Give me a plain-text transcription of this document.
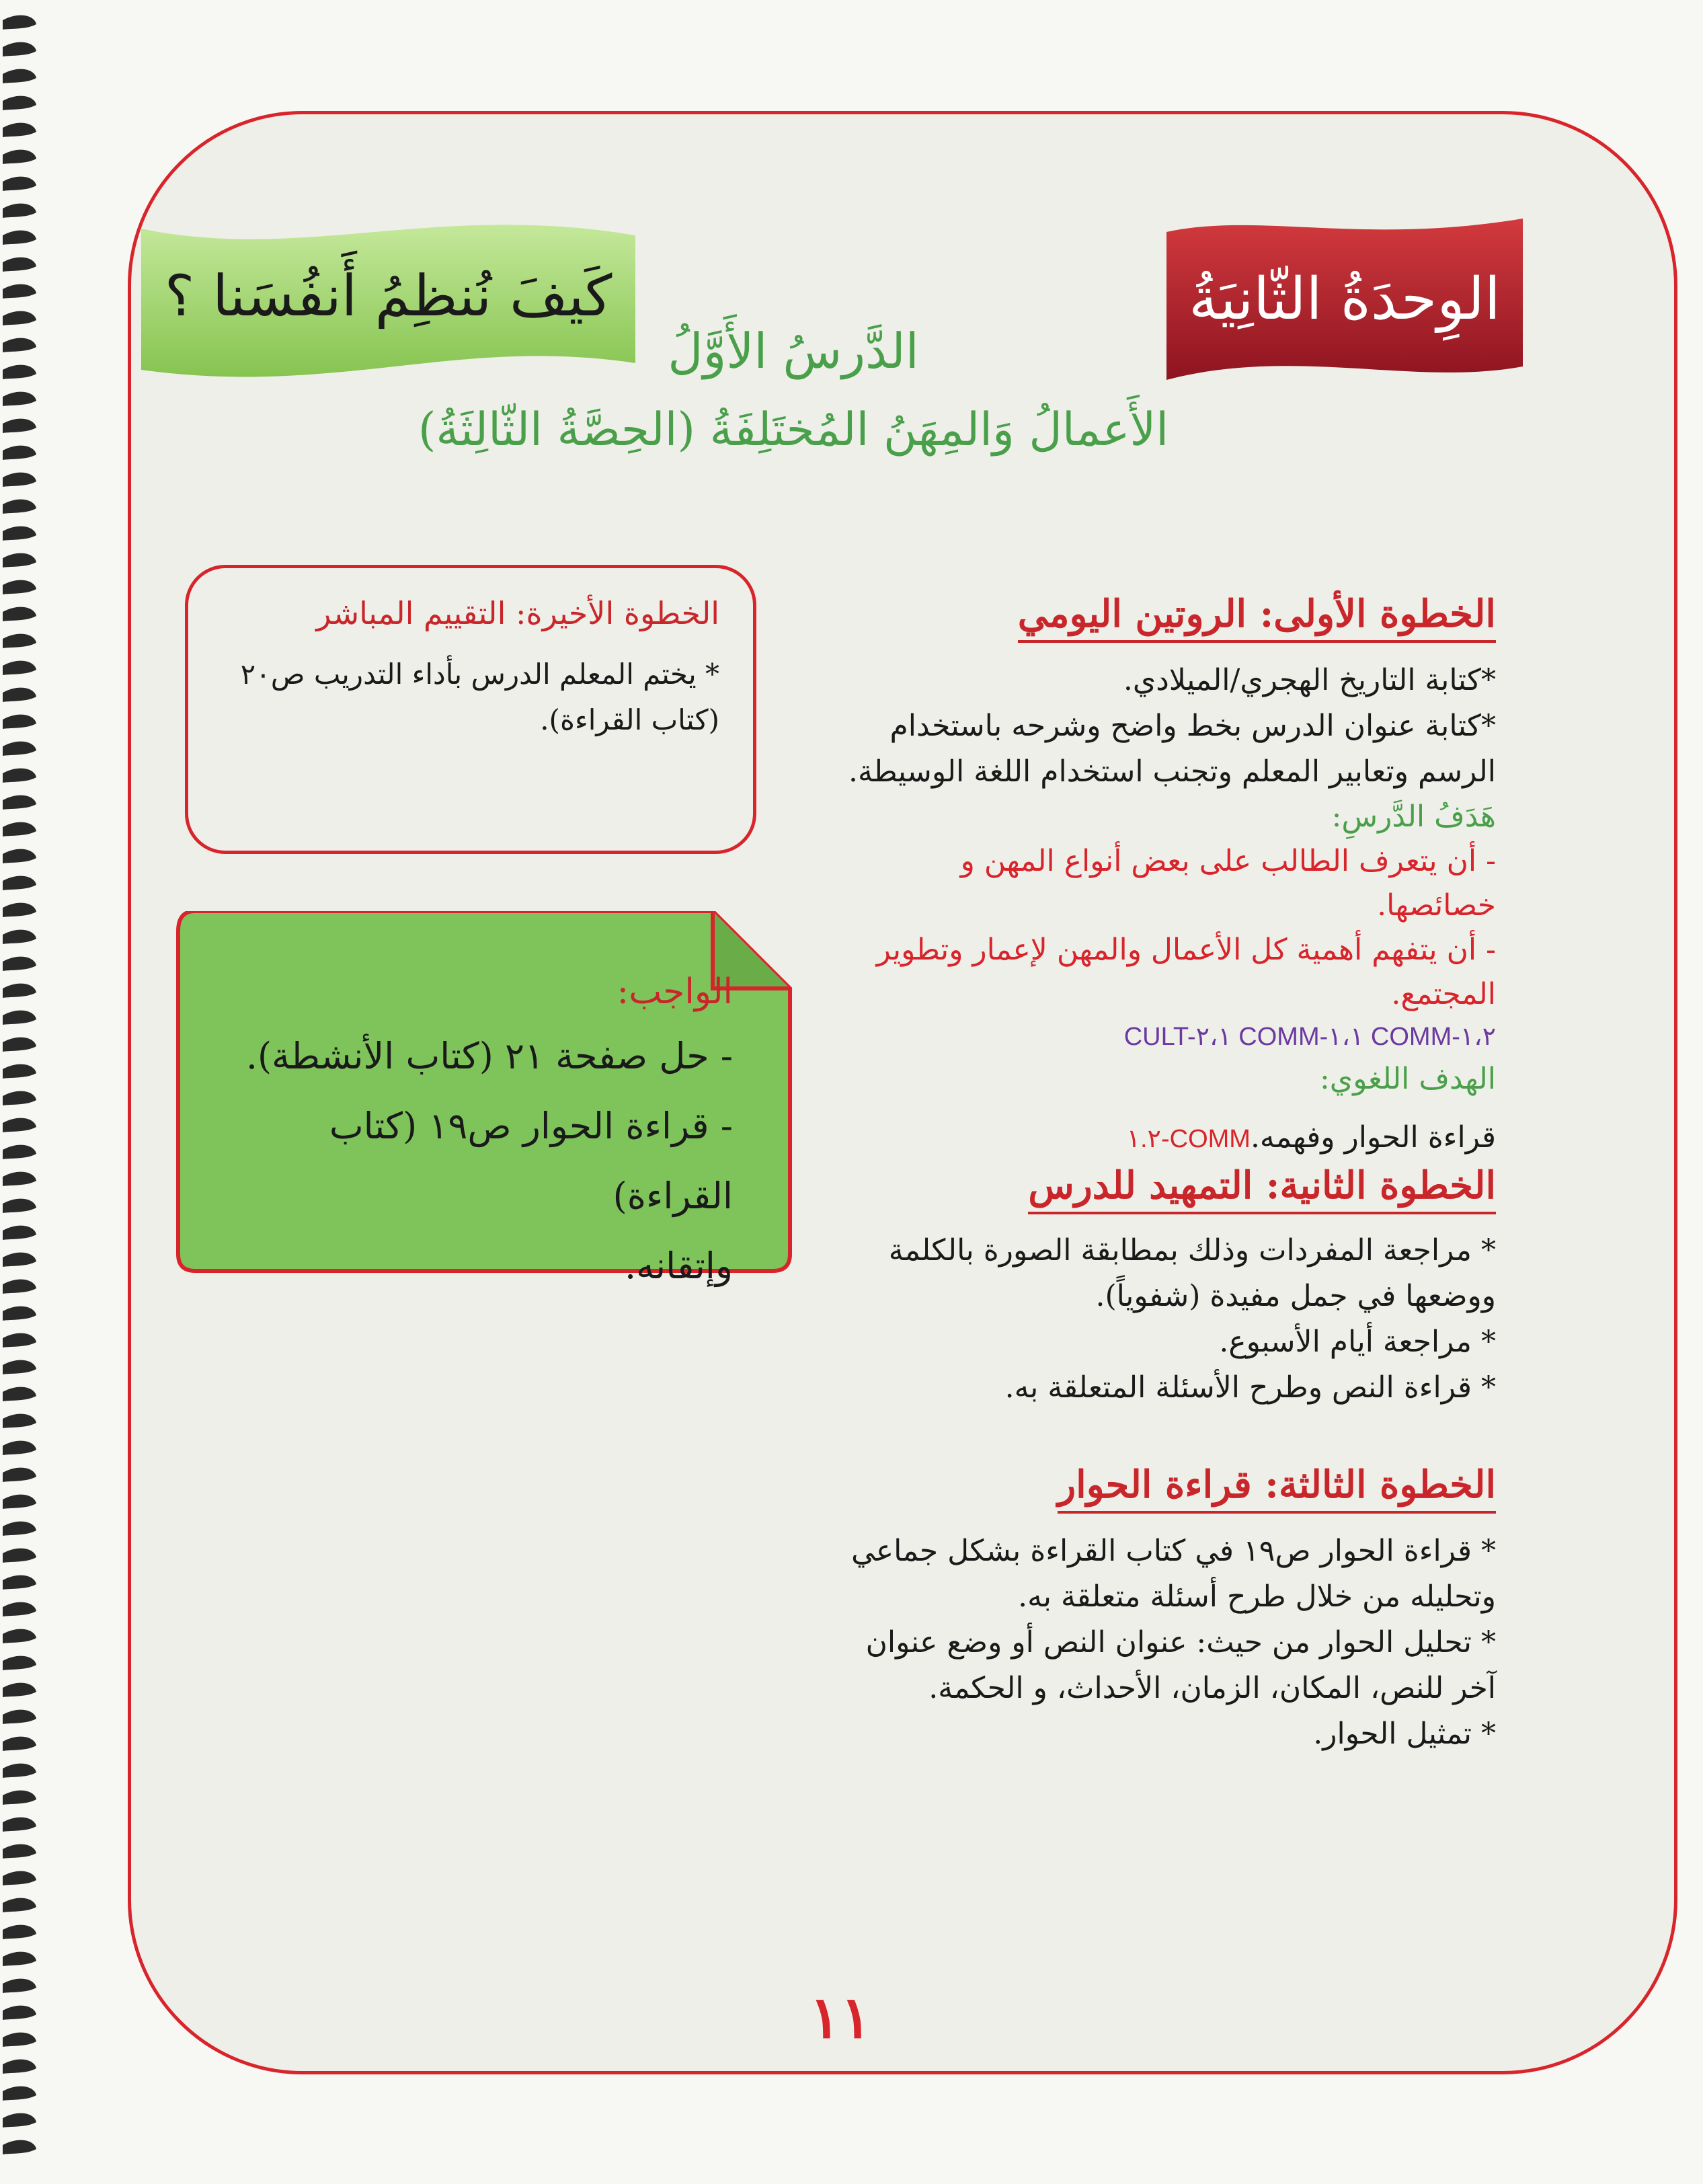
الوِحدَةُ الثّانِيَةُ
كَيفَ نُنظِمُ أَنفُسَنا ؟
الدَّرسُ الأَوَّلُ
الأَعمالُ وَالمِهَنُ المُختَلِفَةُ (الحِصَّةُ الثّالِثَةُ)
الخطوة الأولى: الروتين اليومي
*كتابة التاريخ الهجري/الميلادي.
*كتابة عنوان الدرس بخط واضح وشرحه باستخدام
الرسم وتعابير المعلم وتجنب استخدام اللغة الوسيطة.
هَدَفُ الدَّرسِ:
- أن يتعرف الطالب على بعض أنواع المهن و خصائصها.
- أن يتفهم أهمية كل الأعمال والمهن لإعمار وتطوير المجتمع.
CULT-٢،١ COMM-١،١ COMM-١،٢
الهدف اللغوي:
قراءة الحوار وفهمه.COMM-١.٢
الخطوة الثانية: التمهيد للدرس
* مراجعة المفردات وذلك بمطابقة الصورة بالكلمة
ووضعها في جمل مفيدة (شفوياً).
* مراجعة أيام الأسبوع.
* قراءة النص وطرح الأسئلة المتعلقة به.
الخطوة الثالثة: قراءة الحوار
* قراءة الحوار ص١٩ في كتاب القراءة بشكل جماعي
وتحليله من خلال طرح أسئلة متعلقة به.
* تحليل الحوار من حيث: عنوان النص أو وضع عنوان
آخر للنص، المكان، الزمان، الأحداث، و الحكمة.
* تمثيل الحوار.
الخطوة الأخيرة: التقييم المباشر
* يختم المعلم الدرس بأداء التدريب ص٢٠
(كتاب القراءة).
الواجب:
- حل صفحة ٢١ (كتاب الأنشطة).
- قراءة الحوار ص١٩ (كتاب القراءة)
وإتقانه.
١١
